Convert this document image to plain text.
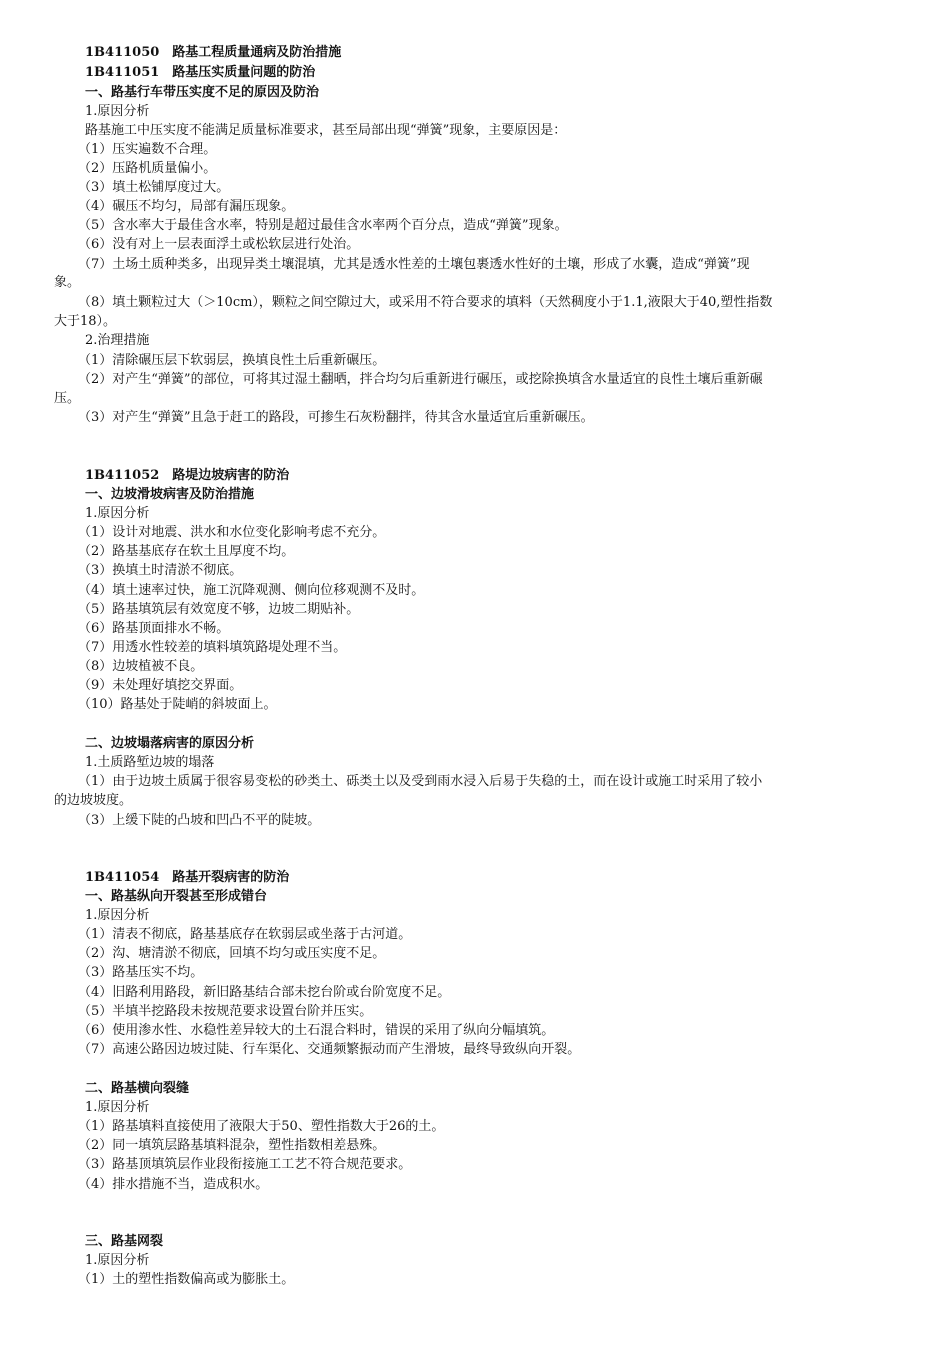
1B411050　路基工程质量通病及防治措施
1B411051　路基压实质量问题的防治
一、路基行车带压实度不足的原因及防治
1.原因分析
路基施工中压实度不能满足质量标准要求，甚至局部出现“弹簧”现象，主要原因是：
（1）压实遍数不合理。
（2）压路机质量偏小。
（3）填土松铺厚度过大。
（4）碾压不均匀，局部有漏压现象。
（5）含水率大于最佳含水率，特别是超过最佳含水率两个百分点，造成“弹簧”现象。
（6）没有对上一层表面浮土或松软层进行处治。
（7）土场土质种类多，出现异类土壤混填，尤其是透水性差的土壤包裹透水性好的土壤，形成了水囊，造成“弹簧”现
象。
（8）填土颗粒过大（＞10cm），颗粒之间空隙过大，或采用不符合要求的填料（天然稠度小于1.1,液限大于40,塑性指数
大于18）。
2.治理措施
（1）清除碾压层下软弱层，换填良性土后重新碾压。
（2）对产生“弹簧”的部位，可将其过湿土翻晒，拌合均匀后重新进行碾压，或挖除换填含水量适宜的良性土壤后重新碾
压。
（3）对产生“弹簧”且急于赶工的路段，可掺生石灰粉翻拌，待其含水量适宜后重新碾压。
1B411052　路堤边坡病害的防治
一、边坡滑坡病害及防治措施
1.原因分析
（1）设计对地震、洪水和水位变化影响考虑不充分。
（2）路基基底存在软土且厚度不均。
（3）换填土时清淤不彻底。
（4）填土速率过快，施工沉降观测、侧向位移观测不及时。
（5）路基填筑层有效宽度不够，边坡二期贴补。
（6）路基顶面排水不畅。
（7）用透水性较差的填料填筑路堤处理不当。
（8）边坡植被不良。
（9）未处理好填挖交界面。
（10）路基处于陡峭的斜坡面上。
二、边坡塌落病害的原因分析
1.土质路堑边坡的塌落
（1）由于边坡土质属于很容易变松的砂类土、砾类土以及受到雨水浸入后易于失稳的土，而在设计或施工时采用了较小
的边坡坡度。
（3）上缓下陡的凸坡和凹凸不平的陡坡。
1B411054　路基开裂病害的防治
一、路基纵向开裂甚至形成错台
1.原因分析
（1）清表不彻底，路基基底存在软弱层或坐落于古河道。
（2）沟、塘清淤不彻底，回填不均匀或压实度不足。
（3）路基压实不均。
（4）旧路利用路段，新旧路基结合部未挖台阶或台阶宽度不足。
（5）半填半挖路段未按规范要求设置台阶并压实。
（6）使用渗水性、水稳性差异较大的土石混合料时，错误的采用了纵向分幅填筑。
（7）高速公路因边坡过陡、行车渠化、交通频繁振动而产生滑坡，最终导致纵向开裂。
二、路基横向裂缝
1.原因分析
（1）路基填料直接使用了液限大于50、塑性指数大于26的土。
（2）同一填筑层路基填料混杂，塑性指数相差悬殊。
（3）路基顶填筑层作业段衔接施工工艺不符合规范要求。
（4）排水措施不当，造成积水。
三、路基网裂
1.原因分析
（1）土的塑性指数偏高或为膨胀土。
